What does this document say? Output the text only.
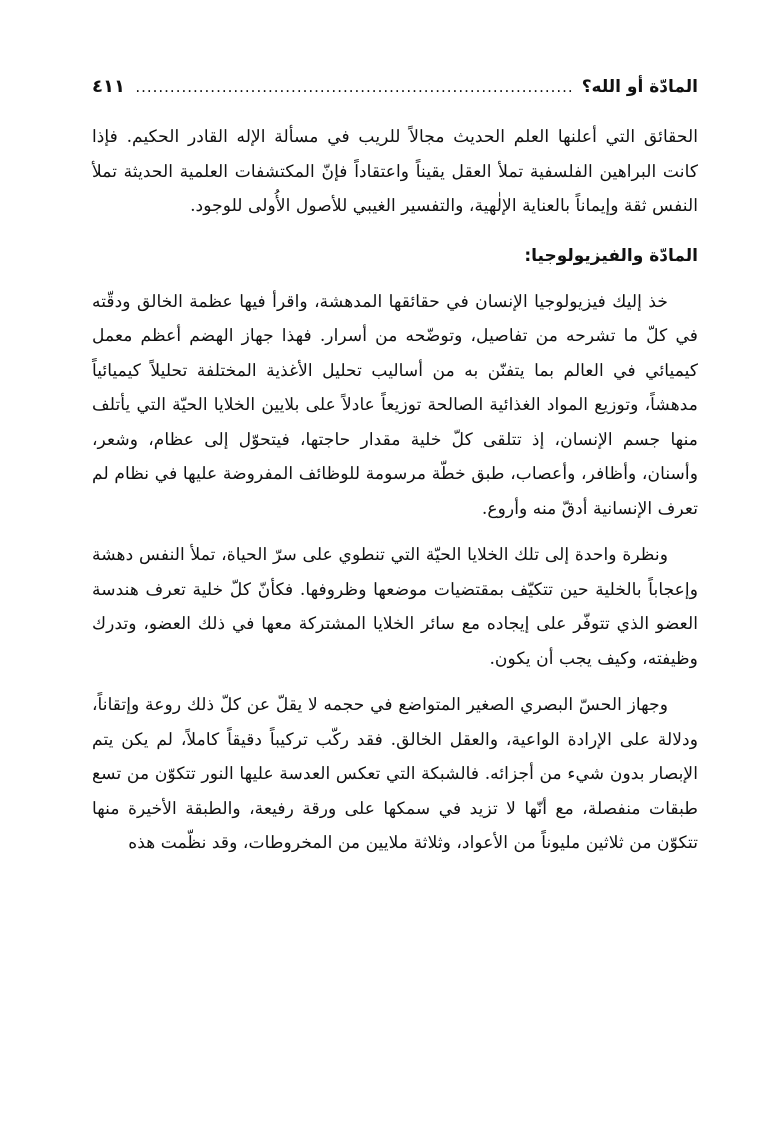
المادّة أو الله؟
.....
٤١١

الحقائق التي أعلنها العلم الحديث مجالاً للريب في مسألة الإله القادر الحكيم. فإذا كانت البراهين الفلسفية تملأ العقل يقيناً واعتقاداً فإنّ المكتشفات العلمية الحديثة تملأ النفس ثقة وإيماناً بالعناية الإلٰهية، والتفسير الغيبي للأصول الأُولى للوجود.

المادّة والفيزيولوجيا:

خذ إليك فيزيولوجيا الإنسان في حقائقها المدهشة، واقرأ فيها عظمة الخالق ودقّته في كلّ ما تشرحه من تفاصيل، وتوضّحه من أسرار. فهذا جهاز الهضم أعظم معمل كيميائي في العالم بما يتفنّن به من أساليب تحليل الأغذية المختلفة تحليلاً كيميائياً مدهشاً، وتوزيع المواد الغذائية الصالحة توزيعاً عادلاً على بلايين الخلايا الحيّة التي يأتلف منها جسم الإنسان، إذ تتلقى كلّ خلية مقدار حاجتها، فيتحوّل إلى عظام، وشعر، وأسنان، وأظافر، وأعصاب، طبق خطّة مرسومة للوظائف المفروضة عليها في نظام لم تعرف الإنسانية أدقّ منه وأروع.

ونظرة واحدة إلى تلك الخلايا الحيّة التي تنطوي على سرّ الحياة، تملأ النفس دهشة وإعجاباً بالخلية حين تتكيّف بمقتضيات موضعها وظروفها. فكأنّ كلّ خلية تعرف هندسة العضو الذي تتوفّر على إيجاده مع سائر الخلايا المشتركة معها في ذلك العضو، وتدرك وظيفته، وكيف يجب أن يكون.

وجهاز الحسّ البصري الصغير المتواضع في حجمه لا يقلّ عن كلّ ذلك روعة وإتقاناً، ودلالة على الإرادة الواعية، والعقل الخالق. فقد ركّب تركيباً دقيقاً كاملاً، لم يكن يتم الإبصار بدون شيء من أجزائه. فالشبكة التي تعكس العدسة عليها النور تتكوّن من تسع طبقات منفصلة، مع أنّها لا تزيد في سمكها على ورقة رفيعة، والطبقة الأخيرة منها تتكوّن من ثلاثين مليوناً من الأعواد، وثلاثة ملايين من المخروطات، وقد نظّمت هذه
